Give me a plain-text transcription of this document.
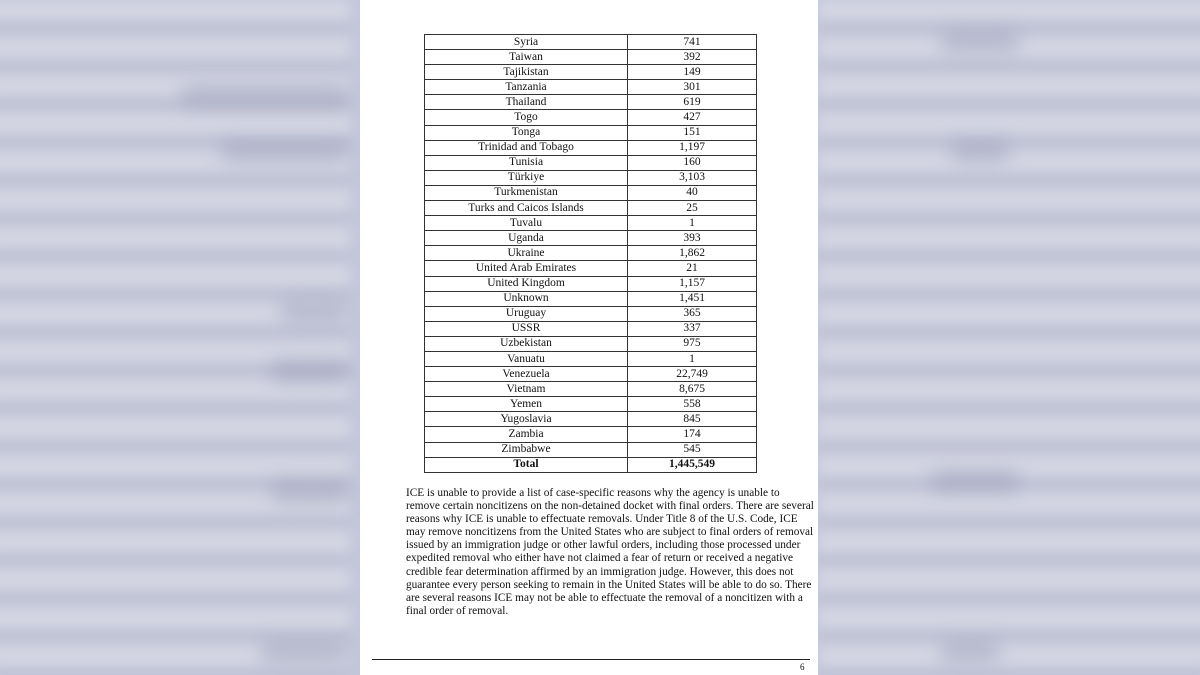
Syria	741
Taiwan	392
Tajikistan	149
Tanzania	301
Thailand	619
Togo	427
Tonga	151
Trinidad and Tobago	1,197
Tunisia	160
Türkiye	3,103
Turkmenistan	40
Turks and Caicos Islands	25
Tuvalu	1
Uganda	393
Ukraine	1,862
United Arab Emirates	21
United Kingdom	1,157
Unknown	1,451
Uruguay	365
USSR	337
Uzbekistan	975
Vanuatu	1
Venezuela	22,749
Vietnam	8,675
Yemen	558
Yugoslavia	845
Zambia	174
Zimbabwe	545
Total	1,445,549

ICE is unable to provide a list of case-specific reasons why the agency is unable to remove certain noncitizens on the non-detained docket with final orders. There are several reasons why ICE is unable to effectuate removals. Under Title 8 of the U.S. Code, ICE may remove noncitizens from the United States who are subject to final orders of removal issued by an immigration judge or other lawful orders, including those processed under expedited removal who either have not claimed a fear of return or received a negative credible fear determination affirmed by an immigration judge. However, this does not guarantee every person seeking to remain in the United States will be able to do so. There are several reasons ICE may not be able to effectuate the removal of a noncitizen with a final order of removal.

6
